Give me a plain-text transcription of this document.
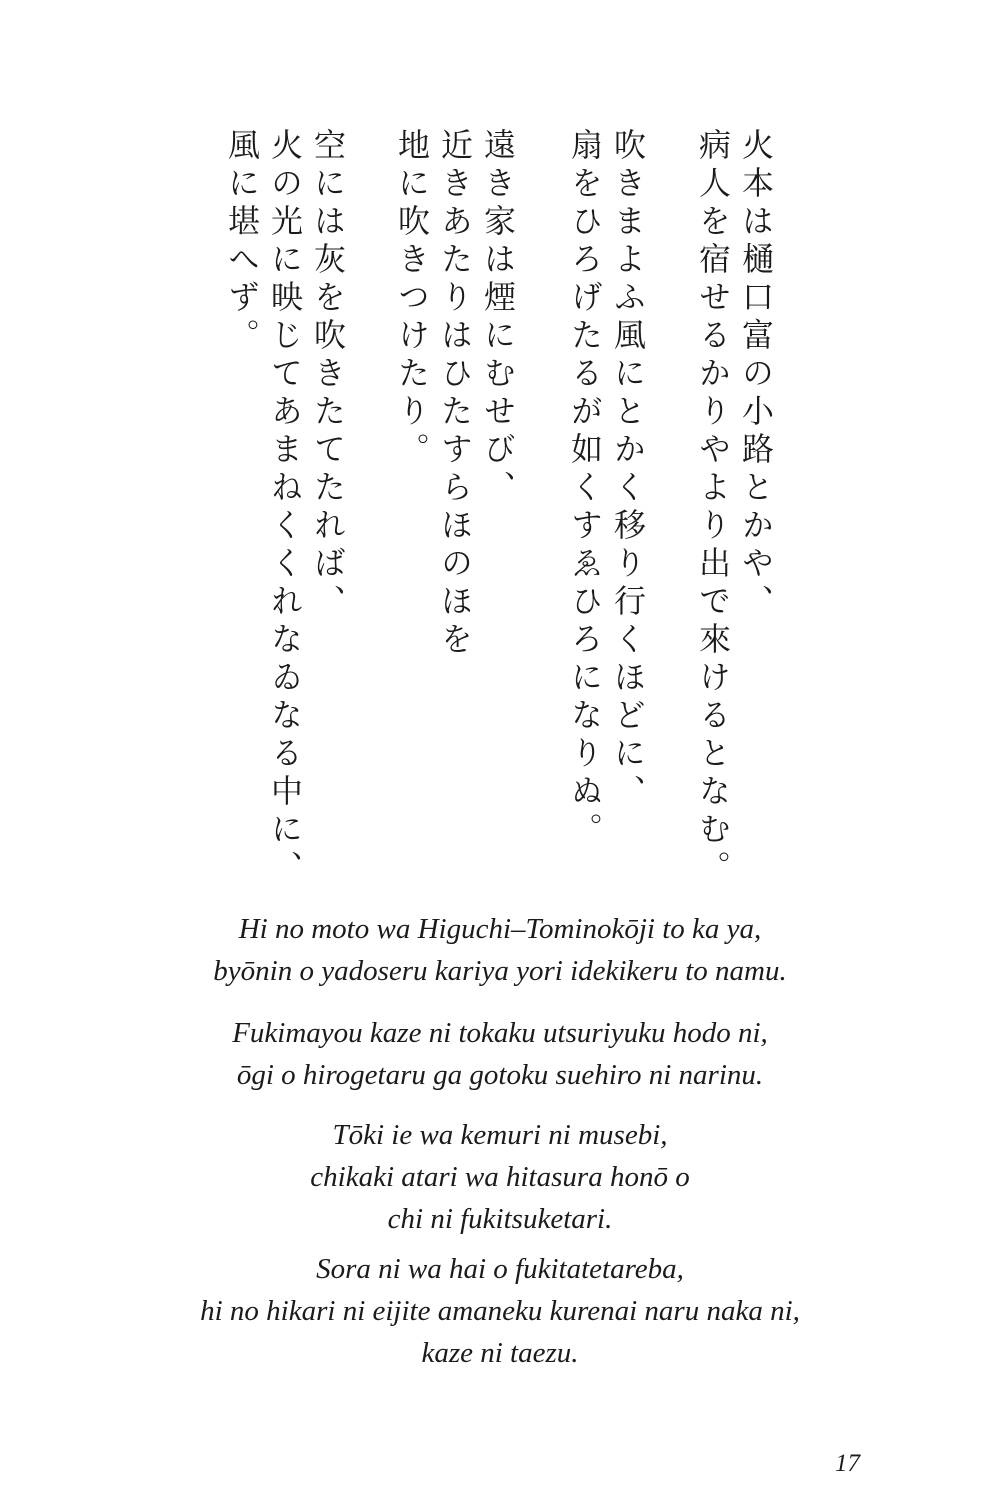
火本は樋口富の小路とかや、
病人を宿せるかりやより出で來けるとなむ。
吹きまよふ風にとかく移り行くほどに、
扇をひろげたるが如くすゑひろになりぬ。
遠き家は煙にむせび、
近きあたりはひたすらほのほを
地に吹きつけたり。
空には灰を吹きたてたれば、
火の光に映じてあまねくくれなゐなる中に、
風に堪へず。
Hi no moto wa Higuchi–Tominokōji to ka ya,
byōnin o yadoseru kariya yori idekikeru to namu.
Fukimayou kaze ni tokaku utsuriyuku hodo ni,
ōgi o hirogetaru ga gotoku suehiro ni narinu.
Tōki ie wa kemuri ni musebi,
chikaki atari wa hitasura honō o
chi ni fukitsuketari.
Sora ni wa hai o fukitatetareba,
hi no hikari ni eijite amaneku kurenai naru naka ni,
kaze ni taezu.
17
